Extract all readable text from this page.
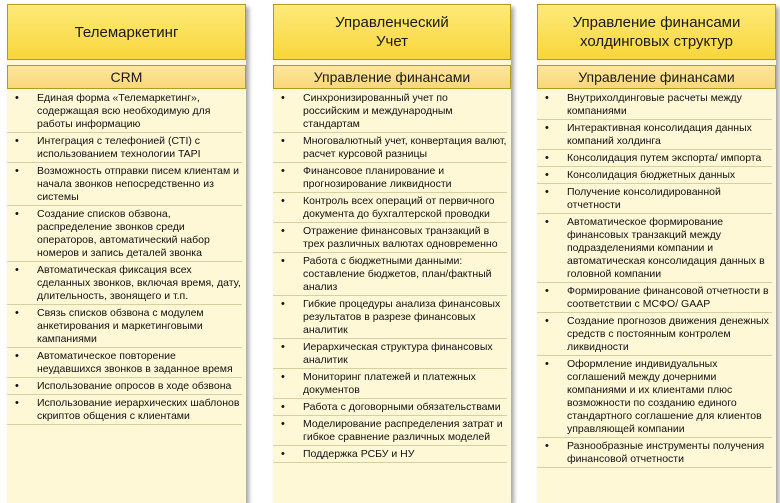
Телемаркетинг
CRM
• Единая форма «Телемаркетинг», содержащая всю необходимую для работы информацию
• Интеграция с телефонией (CTI) с использованием технологии TAPI
• Возможность отправки писем клиентам и начала звонков непосредственно из системы
• Создание списков обзвона, распределение звонков среди операторов, автоматический набор номеров и запись деталей звонка
• Автоматическая фиксация всех сделанных звонков, включая время, дату, длительность, звонящего и т.п.
• Связь списков обзвона с модулем анкетирования и маркетинговыми кампаниями
• Автоматическое повторение неудавшихся звонков в заданное время
• Использование опросов в ходе обзвона
• Использование иерархических шаблонов скриптов общения с клиентами
Управленческий
Учет
Управление финансами
• Синхронизированный учет по российским и международным стандартам
• Многовалютный учет, конвертация валют, расчет курсовой разницы
• Финансовое планирование и прогнозирование ликвидности
• Контроль всех операций от первичного документа до бухгалтерской проводки
• Отражение финансовых транзакций в трех различных валютах одновременно
• Работа с бюджетными данными: составление бюджетов, план/фактный анализ
• Гибкие процедуры анализа финансовых результатов в разрезе финансовых аналитик
• Иерархическая структура финансовых аналитик
• Мониторинг платежей и платежных документов
• Работа с договорными обязательствами
• Моделирование распределения затрат и гибкое сравнение различных моделей
• Поддержка РСБУ и НУ
Управление финансами
холдинговых структур
Управление финансами
• Внутрихолдинговые расчеты между компаниями
• Интерактивная консолидация данных компаний холдинга
• Консолидация путем экспорта/ импорта
• Консолидация бюджетных данных
• Получение консолидированной отчетности
• Автоматическое формирование финансовых транзакций между подразделениями компании и автоматическая консолидация данных в головной компании
• Формирование финансовой отчетности в соответствии с МСФО/ GAAP
• Создание прогнозов движения денежных средств с постоянным контролем ликвидности
• Оформление индивидуальных соглашений между дочерними компаниями и их клиентами плюс возможности по созданию единого стандартного соглашение для клиентов управляющей компании
• Разнообразные инструменты получения финансовой отчетности
